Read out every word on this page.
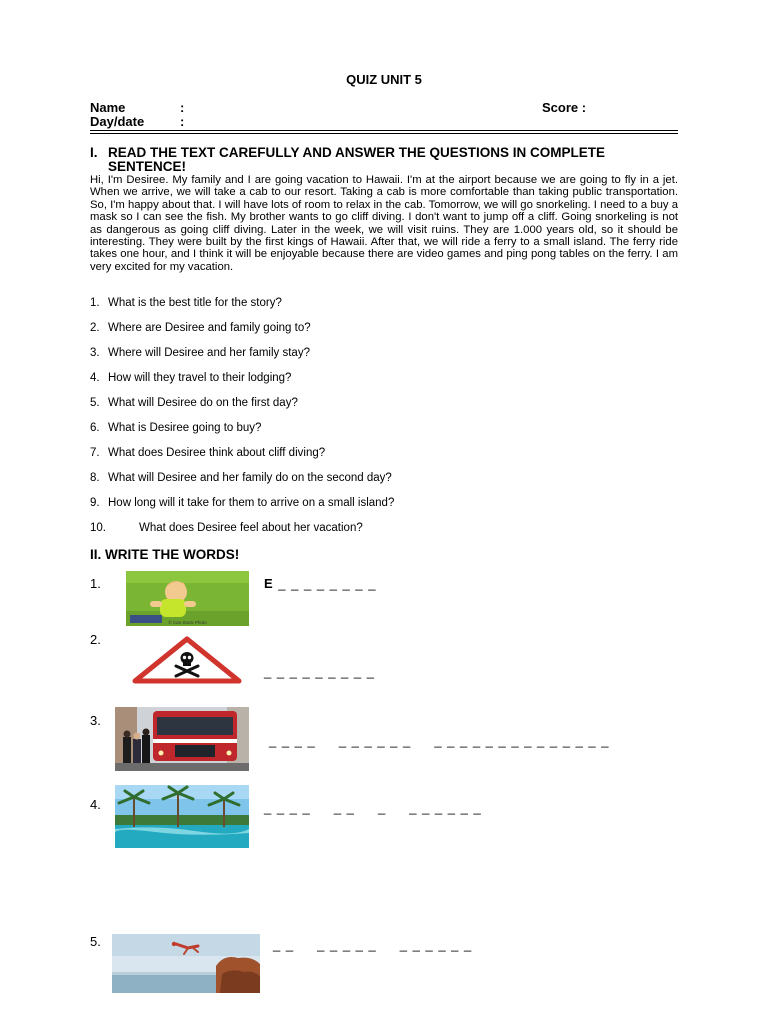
QUIZ UNIT 5
Name	:	Score :
Day/date	:
I. READ THE TEXT CAREFULLY AND ANSWER THE QUESTIONS IN COMPLETE SENTENCE!
Hi, I'm Desiree. My family and I are going vacation to Hawaii. I'm at the airport because we are going to fly in a jet. When we arrive, we will take a cab to our resort. Taking a cab is more comfortable than taking public transportation. So, I'm happy about that. I will have lots of room to relax in the cab. Tomorrow, we will go snorkeling. I need to a buy a mask so I can see the fish. My brother wants to go cliff diving. I don't want to jump off a cliff. Going snorkeling is not as dangerous as going cliff diving. Later in the week, we will visit ruins. They are 1.000 years old, so it should be interesting. They were built by the first kings of Hawaii. After that, we will ride a ferry to a small island. The ferry ride takes one hour, and I think it will be enjoyable because there are video games and ping pong tables on the ferry. I am very excited for my vacation.
1. What is the best title for the story?
2. Where are Desiree and family going to?
3. Where will Desiree and her family stay?
4. How will they travel to their lodging?
5. What will Desiree do on the first day?
6. What is Desiree going to buy?
7. What does Desiree think about cliff diving?
8. What will Desiree and her family do on the second day?
9. How long will it take for them to arrive on a small island?
10.	What does Desiree feel about her vacation?
II. WRITE THE WORDS!
1.
© Can Stock Photo
E _ _ _ _ _ _ _ _
2.
_ _ _ _ _ _ _ _ _
3.
_ _ _ _     _ _ _ _ _ _     _ _ _ _ _ _ _ _ _ _ _ _ _ _
4.	_ _ _ _     _ _     _     _ _ _ _ _ _
5.	_ _     _ _ _ _ _     _ _ _ _ _ _
